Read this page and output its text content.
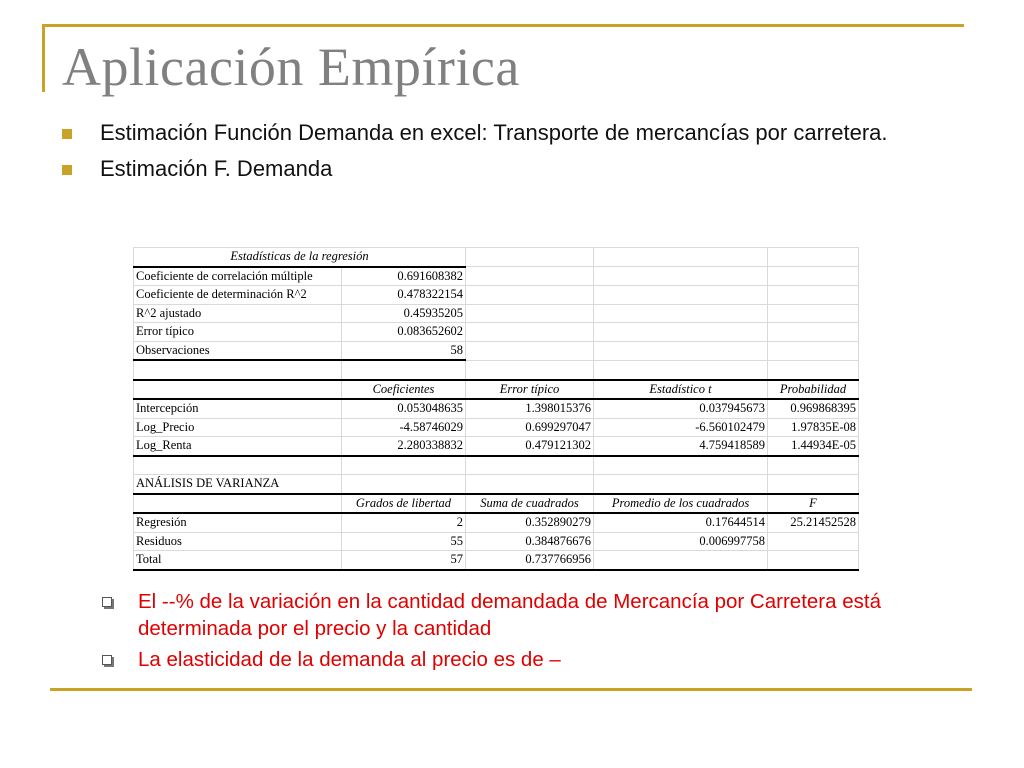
Aplicación Empírica
Estimación Función Demanda en excel: Transporte de mercancías por carretera.
Estimación F. Demanda
Estadísticas de la regresión				
Coeficiente de correlación múltiple	0.691608382			
Coeficiente de determinación R^2	0.478322154			
R^2 ajustado	0.45935205			
Error típico	0.083652602			
Observaciones	58			

	Coeficientes	Error típico	Estadístico t	Probabilidad
Intercepción	0.053048635	1.398015376	0.037945673	0.969868395
Log_Precio	-4.58746029	0.699297047	-6.560102479	1.97835E-08
Log_Renta	2.280338832	0.479121302	4.759418589	1.44934E-05

ANÁLISIS DE VARIANZA				
	Grados de libertad	Suma de cuadrados	Promedio de los cuadrados	F
Regresión	2	0.352890279	0.17644514	25.21452528
Residuos	55	0.384876676	0.006997758	
Total	57	0.737766956		
El --% de la variación en la cantidad demandada de Mercancía por Carretera está determinada por el precio y la cantidad
La elasticidad de la demanda al precio es de –
